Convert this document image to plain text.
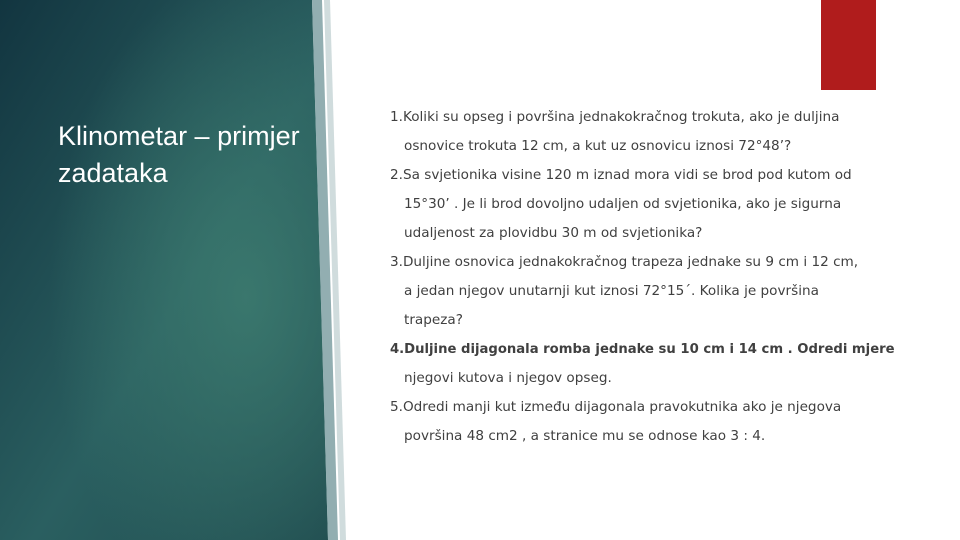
Klinometar – primjer zadataka
1.Koliki su opseg i površina jednakokračnog trokuta, ako je duljina
osnovice trokuta 12 cm, a kut uz osnovicu iznosi 72°48’?
2.Sa svjetionika visine 120 m iznad mora vidi se brod pod kutom od
15°30’ . Je li brod dovoljno udaljen od svjetionika, ako je sigurna
udaljenost za plovidbu 30 m od svjetionika?
3.Duljine osnovica jednakokračnog trapeza jednake su 9 cm i 12 cm,
a jedan njegov unutarnji kut iznosi 72°15´. Kolika je površina
trapeza?
4.Duljine dijagonala romba jednake su 10 cm i 14 cm . Odredi mjere
njegovi kutova i njegov opseg.
5.Odredi manji kut između dijagonala pravokutnika ako je njegova
površina 48 cm2 , a stranice mu se odnose kao 3 : 4.
